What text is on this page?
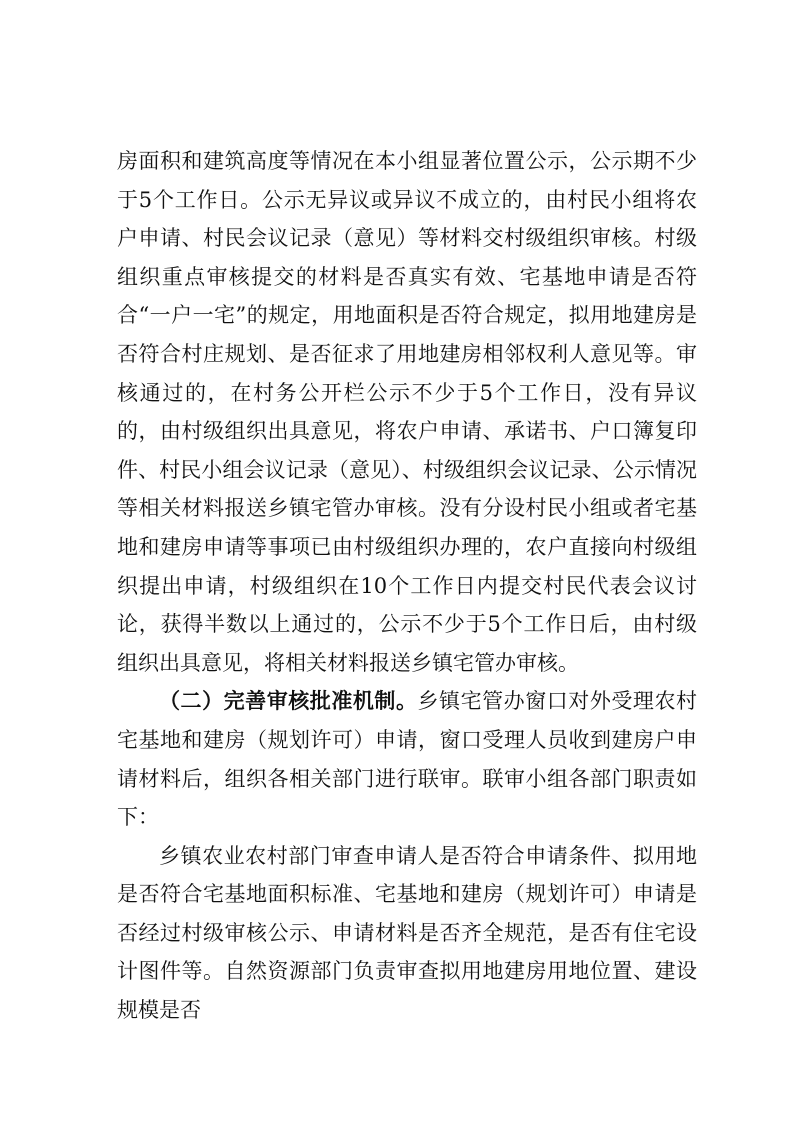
房面积和建筑高度等情况在本小组显著位置公示，公示期不少于5个工作日。公示无异议或异议不成立的，由村民小组将农户申请、村民会议记录（意见）等材料交村级组织审核。村级组织重点审核提交的材料是否真实有效、宅基地申请是否符合“一户一宅”的规定，用地面积是否符合规定，拟用地建房是否符合村庄规划、是否征求了用地建房相邻权利人意见等。审核通过的，在村务公开栏公示不少于5个工作日，没有异议的，由村级组织出具意见，将农户申请、承诺书、户口簿复印件、村民小组会议记录（意见）、村级组织会议记录、公示情况等相关材料报送乡镇宅管办审核。没有分设村民小组或者宅基地和建房申请等事项已由村级组织办理的，农户直接向村级组织提出申请，村级组织在10个工作日内提交村民代表会议讨论，获得半数以上通过的，公示不少于5个工作日后，由村级组织出具意见，将相关材料报送乡镇宅管办审核。

（二）完善审核批准机制。乡镇宅管办窗口对外受理农村宅基地和建房（规划许可）申请，窗口受理人员收到建房户申请材料后，组织各相关部门进行联审。联审小组各部门职责如下：

乡镇农业农村部门审查申请人是否符合申请条件、拟用地是否符合宅基地面积标准、宅基地和建房（规划许可）申请是否经过村级审核公示、申请材料是否齐全规范，是否有住宅设计图件等。自然资源部门负责审查拟用地建房用地位置、建设规模是否
